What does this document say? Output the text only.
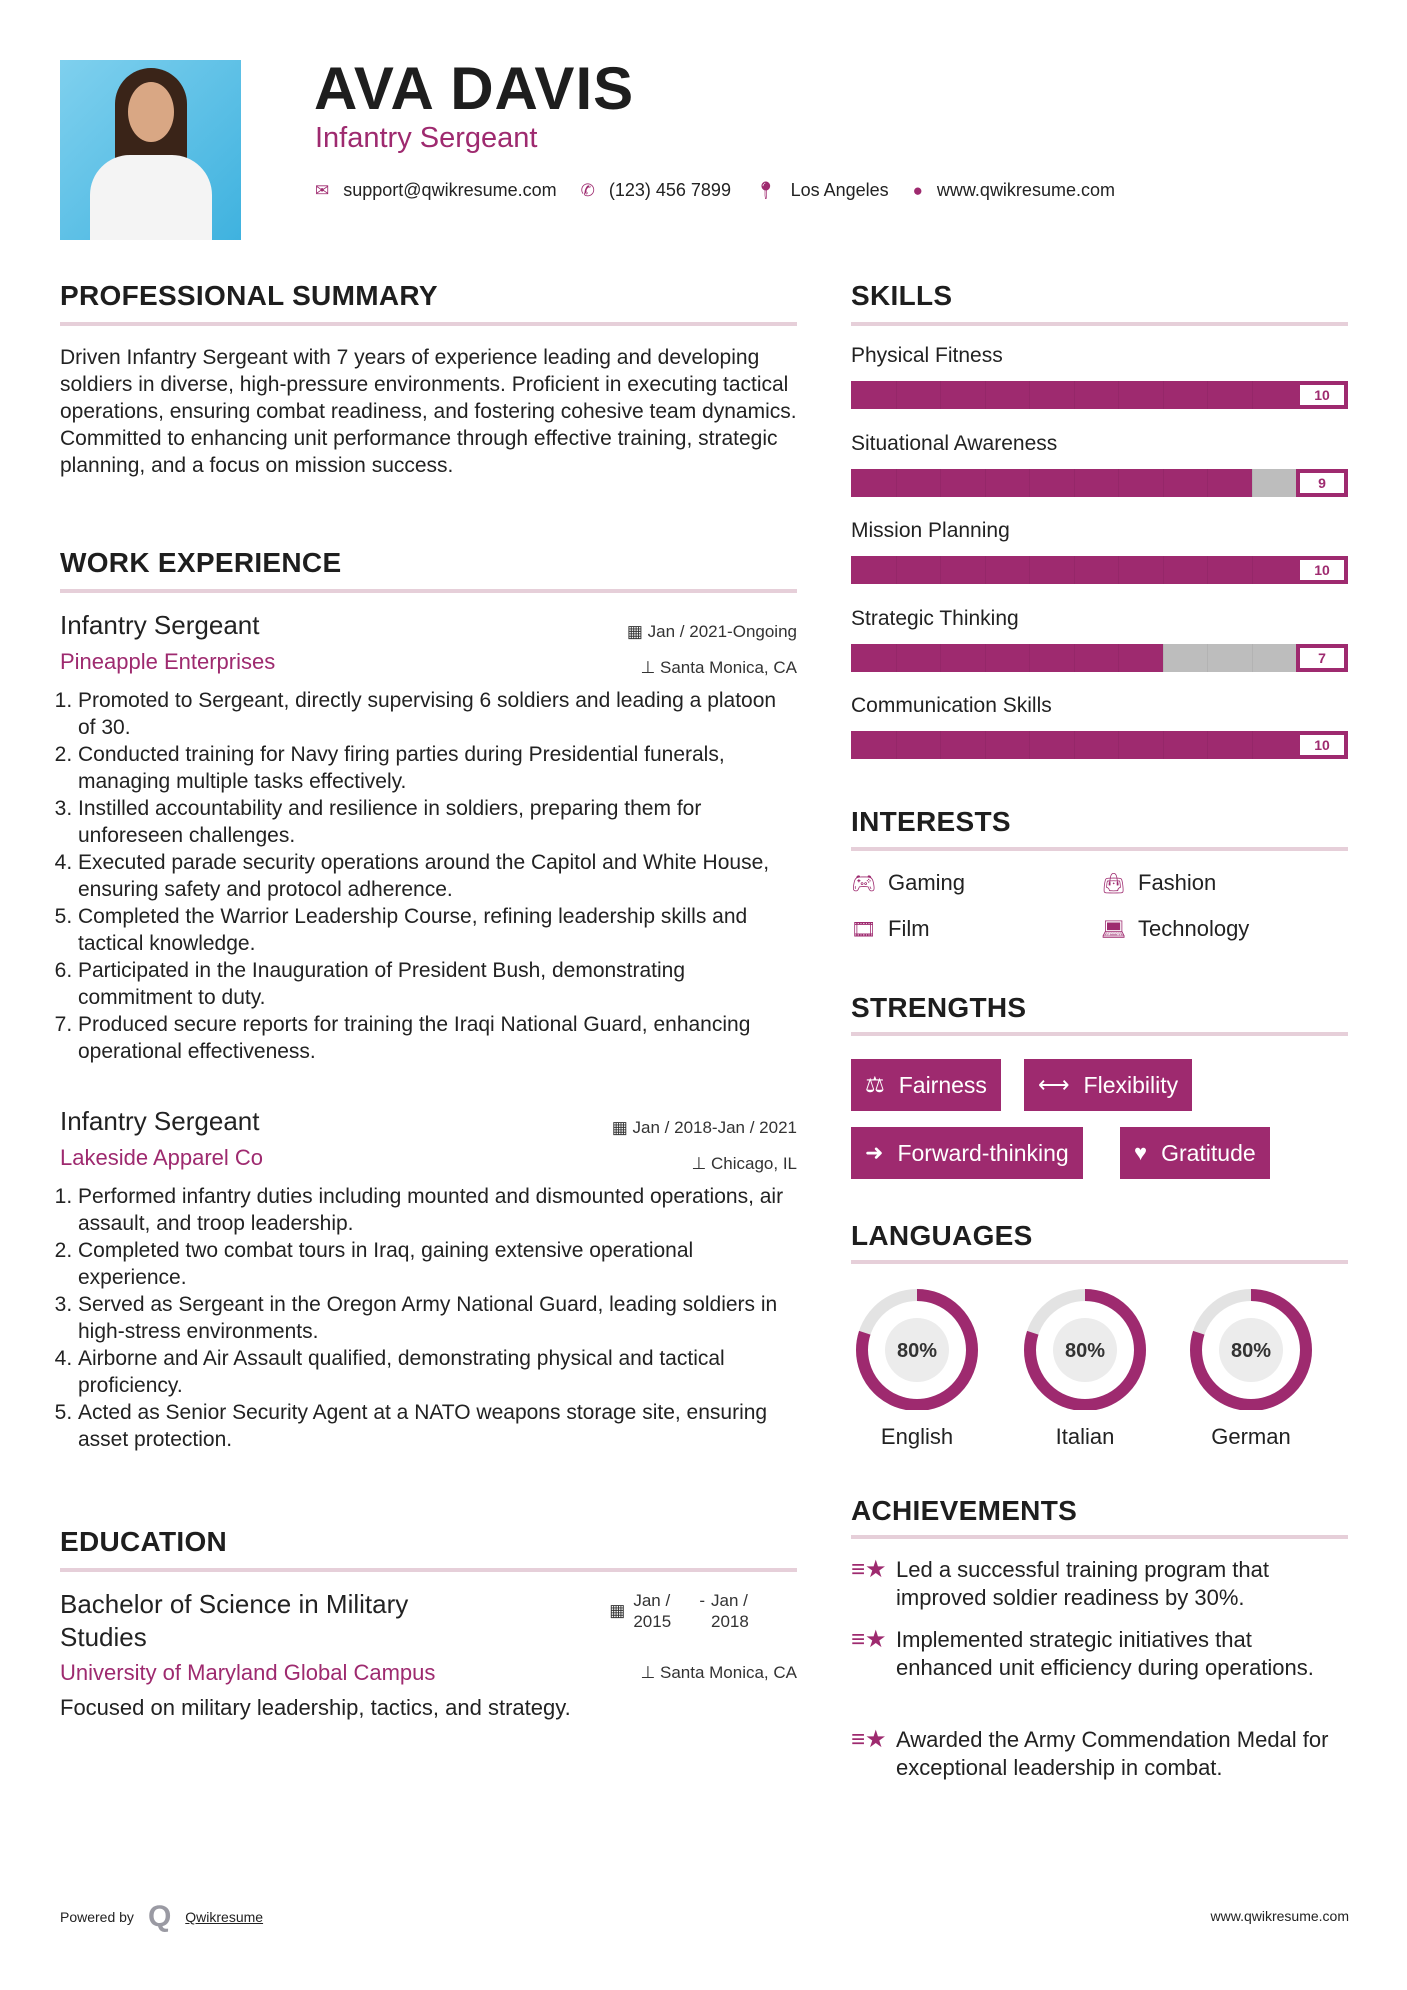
AVA DAVIS
Infantry Sergeant
✉ support@qwikresume.com ✆ (123) 456 7899 📍︎ Los Angeles ● www.qwikresume.com
PROFESSIONAL SUMMARY
Driven Infantry Sergeant with 7 years of experience leading and developing soldiers in diverse, high-pressure environments. Proficient in executing tactical operations, ensuring combat readiness, and fostering cohesive team dynamics. Committed to enhancing unit performance through effective training, strategic planning, and a focus on mission success.
WORK EXPERIENCE
Infantry Sergeant	▦ Jan / 2021-Ongoing
Pineapple Enterprises	⊥ Santa Monica, CA
1. Promoted to Sergeant, directly supervising 6 soldiers and leading a platoon of 30.
2. Conducted training for Navy firing parties during Presidential funerals, managing multiple tasks effectively.
3. Instilled accountability and resilience in soldiers, preparing them for unforeseen challenges.
4. Executed parade security operations around the Capitol and White House, ensuring safety and protocol adherence.
5. Completed the Warrior Leadership Course, refining leadership skills and tactical knowledge.
6. Participated in the Inauguration of President Bush, demonstrating commitment to duty.
7. Produced secure reports for training the Iraqi National Guard, enhancing operational effectiveness.
Infantry Sergeant	▦ Jan / 2018-Jan / 2021
Lakeside Apparel Co	⊥ Chicago, IL
1. Performed infantry duties including mounted and dismounted operations, air assault, and troop leadership.
2. Completed two combat tours in Iraq, gaining extensive operational experience.
3. Served as Sergeant in the Oregon Army National Guard, leading soldiers in high-stress environments.
4. Airborne and Air Assault qualified, demonstrating physical and tactical proficiency.
5. Acted as Senior Security Agent at a NATO weapons storage site, ensuring asset protection.
EDUCATION
Bachelor of Science in Military Studies
▦
Jan / 2015
- Jan / 2018
University of Maryland Global Campus	⊥ Santa Monica, CA
Focused on military leadership, tactics, and strategy.
SKILLS
Physical Fitness
10
Situational Awareness
9
Mission Planning
10
Strategic Thinking
7
Communication Skills
10
INTERESTS
🎮︎ Gaming	👜︎ Fashion
🎞︎ Film	💻︎ Technology
STRENGTHS
⚖ Fairness ⟷ Flexibility
➜ Forward-thinking	♥ Gratitude
LANGUAGES
80%
English
80%
Italian
80%
German
ACHIEVEMENTS
≡★ Led a successful training program that improved soldier readiness by 30%.
≡★ Implemented strategic initiatives that enhanced unit efficiency during operations.
≡★ Awarded the Army Commendation Medal for exceptional leadership in combat.
Powered by Q Qwikresume	www.qwikresume.com
